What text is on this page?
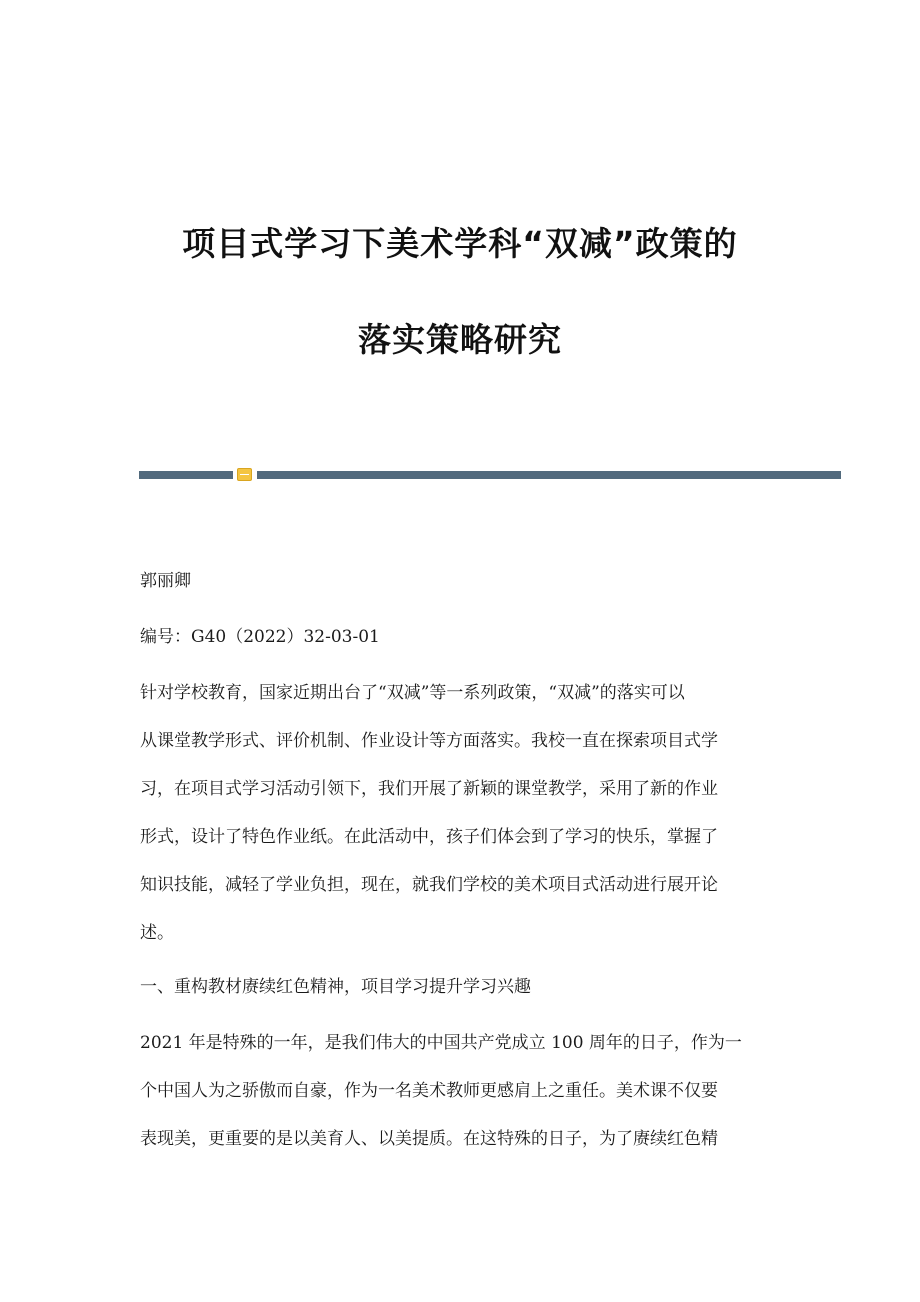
项目式学习下美术学科“双减”政策的
落实策略研究
郭丽卿
编号：G40（2022）32-03-01
针对学校教育，国家近期出台了“双减”等一系列政策，“双减”的落实可以
从课堂教学形式、评价机制、作业设计等方面落实。我校一直在探索项目式学
习，在项目式学习活动引领下，我们开展了新颖的课堂教学，采用了新的作业
形式，设计了特色作业纸。在此活动中，孩子们体会到了学习的快乐，掌握了
知识技能，减轻了学业负担，现在，就我们学校的美术项目式活动进行展开论
述。
一、重构教材赓续红色精神，项目学习提升学习兴趣
2021 年是特殊的一年，是我们伟大的中国共产党成立 100 周年的日子，作为一
个中国人为之骄傲而自豪，作为一名美术教师更感肩上之重任。美术课不仅要
表现美，更重要的是以美育人、以美提质。在这特殊的日子，为了赓续红色精
